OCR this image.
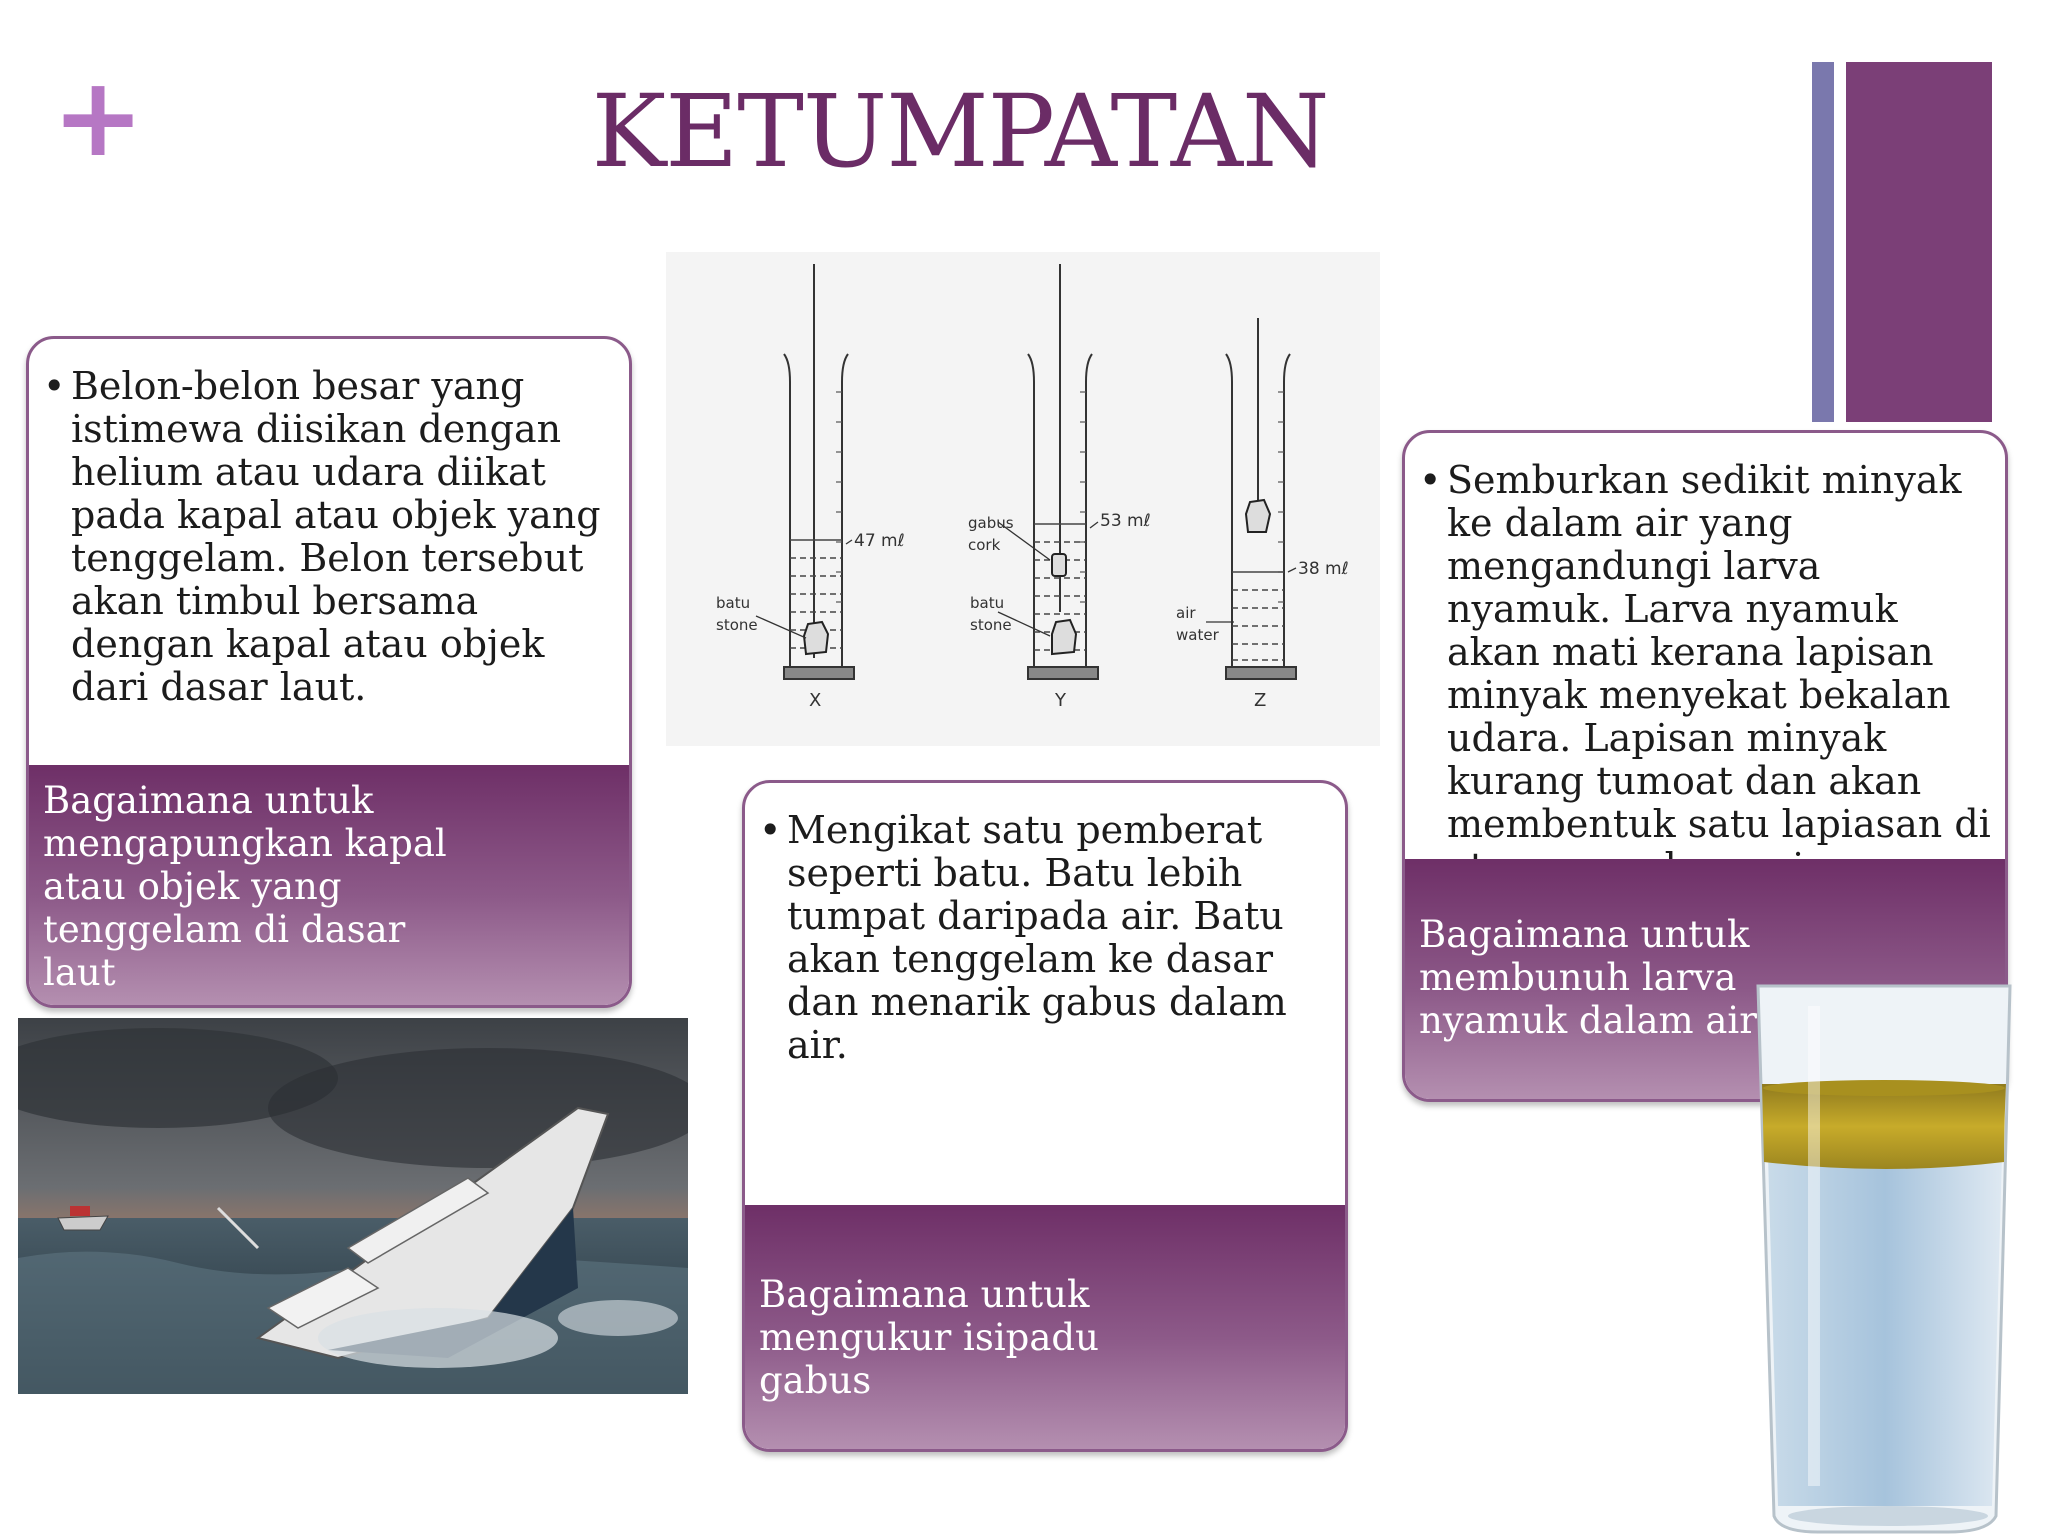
+	KETUMPATAN
47 mℓ
batu
stone
X
53 mℓ
gabus
cork
batu
stone
Y
38 mℓ
air
water
Z
• Belon-belon besar yang istimewa diisikan dengan helium atau udara diikat pada kapal atau objek yang tenggelam. Belon tersebut akan timbul bersama dengan kapal atau objek dari dasar laut.
Bagaimana untuk mengapungkan kapal atau objek yang tenggelam di dasar laut
• Mengikat satu pemberat seperti batu. Batu lebih tumpat daripada air. Batu akan tenggelam ke dasar dan menarik gabus dalam air.
Bagaimana untuk mengukur isipadu gabus
• Semburkan sedikit minyak ke dalam air yang mengandungi larva nyamuk. Larva nyamuk akan mati kerana lapisan minyak menyekat bekalan udara. Lapisan minyak kurang tumoat dan akan membentuk satu lapiasan di
Bagaimana untuk membunuh larva nyamuk dalam air
